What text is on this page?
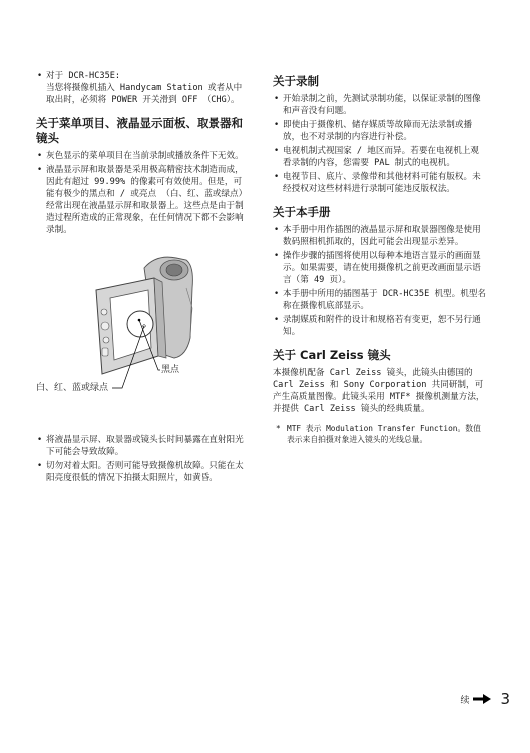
• 对于 DCR-HC35E:
当您将摄像机插入 Handycam Station 或者从中取出时，必须将 POWER 开关滑到 OFF （CHG）。
关于菜单项目、液晶显示面板、取景器和镜头
• 灰色显示的菜单项目在当前录制或播放条件下无效。
• 液晶显示屏和取景器是采用极高精密技术制造而成，因此有超过 99.99% 的像素可有效使用。但是，可能有极少的黑点和 / 或亮点 （白、红、蓝或绿点）经常出现在液晶显示屏和取景器上。这些点是由于制造过程所造成的正常现象，在任何情况下都不会影响录制。
黑点
白、红、蓝或绿点
• 将液晶显示屏、取景器或镜头长时间暴露在直射阳光下可能会导致故障。
• 切勿对着太阳。否则可能导致摄像机故障。只能在太阳亮度很低的情况下拍摄太阳照片，如黄昏。
关于录制
• 开始录制之前，先测试录制功能，以保证录制的图像和声音没有问题。
• 即使由于摄像机、储存媒质等故障而无法录制或播放，也不对录制的内容进行补偿。
• 电视机制式视国家 / 地区而异。若要在电视机上观看录制的内容，您需要 PAL 制式的电视机。
• 电视节目、底片、录像带和其他材料可能有版权。未经授权对这些材料进行录制可能违反版权法。
关于本手册
• 本手册中用作插图的液晶显示屏和取景器图像是使用数码照相机抓取的，因此可能会出现显示差异。
• 操作步骤的插图将使用以每种本地语言显示的画面显示。如果需要，请在使用摄像机之前更改画面显示语言（第 49 页）。
• 本手册中所用的插图基于 DCR-HC35E 机型。机型名称在摄像机底部显示。
• 录制媒质和附件的设计和规格若有变更，恕不另行通知。
关于 Carl Zeiss 镜头

本摄像机配备 Carl Zeiss 镜头，此镜头由德国的 Carl Zeiss 和 Sony Corporation 共同研制，可产生高质量图像。此镜头采用 MTF* 摄像机测量方法，并提供 Carl Zeiss 镜头的经典质量。

* MTF 表示 Modulation Transfer Function。数值表示来自拍摄对象进入镜头的光线总量。
续 3
